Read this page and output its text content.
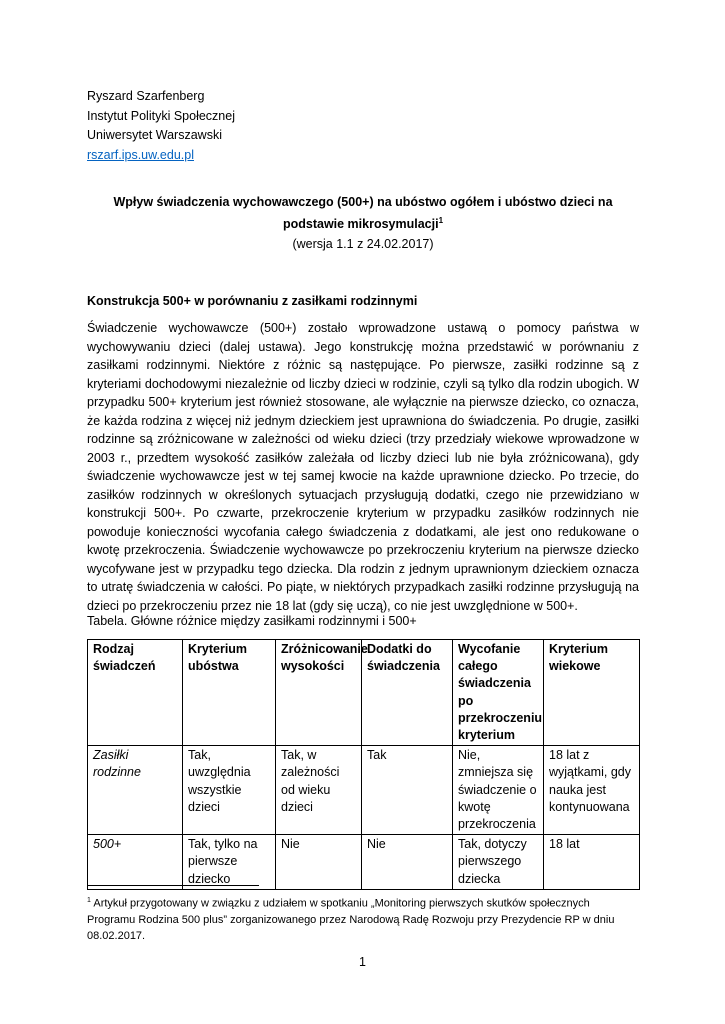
Ryszard Szarfenberg
Instytut Polityki Społecznej
Uniwersytet Warszawski
rszarf.ips.uw.edu.pl
Wpływ świadczenia wychowawczego (500+) na ubóstwo ogółem i ubóstwo dzieci na podstawie mikrosymulacji$^1$
(wersja 1.1 z 24.02.2017)
Konstrukcja 500+ w porównaniu z zasiłkami rodzinnymi

Świadczenie wychowawcze (500+) zostało wprowadzone ustawą o pomocy państwa w wychowywaniu dzieci (dalej ustawa). Jego konstrukcję można przedstawić w porównaniu z zasiłkami rodzinnymi. Niektóre z różnic są następujące. Po pierwsze, zasiłki rodzinne są z kryteriami dochodowymi niezależnie od liczby dzieci w rodzinie, czyli są tylko dla rodzin ubogich. W przypadku 500+ kryterium jest również stosowane, ale wyłącznie na pierwsze dziecko, co oznacza, że każda rodzina z więcej niż jednym dzieckiem jest uprawniona do świadczenia. Po drugie, zasiłki rodzinne są zróżnicowane w zależności od wieku dzieci (trzy przedziały wiekowe wprowadzone w 2003 r., przedtem wysokość zasiłków zależała od liczby dzieci lub nie była zróżnicowana), gdy świadczenie wychowawcze jest w tej samej kwocie na każde uprawnione dziecko. Po trzecie, do zasiłków rodzinnych w określonych sytuacjach przysługują dodatki, czego nie przewidziano w konstrukcji 500+. Po czwarte, przekroczenie kryterium w przypadku zasiłków rodzinnych nie powoduje konieczności wycofania całego świadczenia z dodatkami, ale jest ono redukowane o kwotę przekroczenia. Świadczenie wychowawcze po przekroczeniu kryterium na pierwsze dziecko wycofywane jest w przypadku tego dziecka. Dla rodzin z jednym uprawnionym dzieckiem oznacza to utratę świadczenia w całości. Po piąte, w niektórych przypadkach zasiłki rodzinne przysługują na dzieci po przekroczeniu przez nie 18 lat (gdy się uczą), co nie jest uwzględnione w 500+.

Tabela. Główne różnice między zasiłkami rodzinnymi i 500+
Rodzaj świadczeń	Kryterium ubóstwa	Zróżnicowanie wysokości	Dodatki do świadczenia	Wycofanie całego świadczenia po przekroczeniu kryterium	Kryterium wiekowe
Zasiłki rodzinne	Tak, uwzględnia wszystkie dzieci	Tak, w zależności od wieku dzieci	Tak	Nie, zmniejsza się świadczenie o kwotę przekroczenia	18 lat z wyjątkami, gdy nauka jest kontynuowana
500+	Tak, tylko na pierwsze dziecko	Nie	Nie	Tak, dotyczy pierwszego dziecka	18 lat
$^1$ Artykuł przygotowany w związku z udziałem w spotkaniu „Monitoring pierwszych skutków społecznych Programu Rodzina 500 plus” zorganizowanego przez Narodową Radę Rozwoju przy Prezydencie RP w dniu 08.02.2017.
1
